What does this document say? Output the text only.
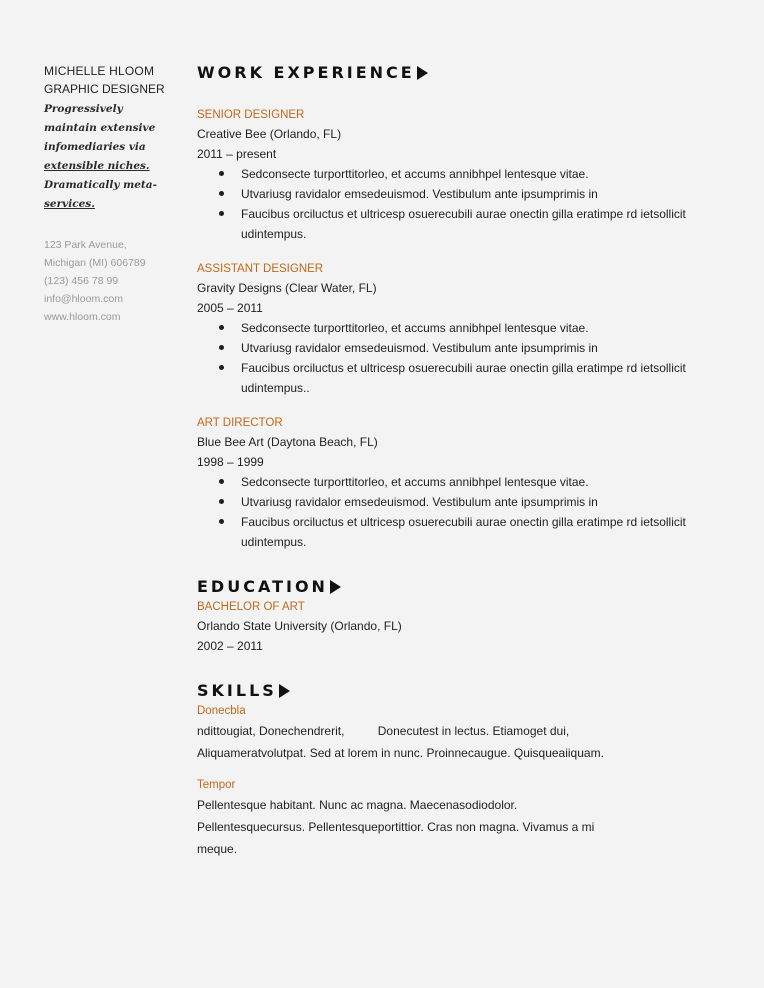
MICHELLE HLOOM
GRAPHIC DESIGNER
Progressively
maintain extensive
infomediaries via
extensible niches.
Dramatically meta-
services.
123 Park Avenue,
Michigan (MI) 606789
(123) 456 78 99
info@hloom.com
www.hloom.com
WORK EXPERIENCE
SENIOR DESIGNER
Creative Bee (Orlando, FL)
2011 – present
Sedconsecte turporttitorleo, et accums annibhpel lentesque vitae.
Utvariusg ravidalor emsedeuismod. Vestibulum ante ipsumprimis in
Faucibus orciluctus et ultricesp osuerecubili aurae onectin gilla eratimpe rd ietsollicit udintempus.
ASSISTANT DESIGNER
Gravity Designs (Clear Water, FL)
2005 – 2011
Sedconsecte turporttitorleo, et accums annibhpel lentesque vitae.
Utvariusg ravidalor emsedeuismod. Vestibulum ante ipsumprimis in
Faucibus orciluctus et ultricesp osuerecubili aurae onectin gilla eratimpe rd ietsollicit udintempus..
ART DIRECTOR
Blue Bee Art (Daytona Beach, FL)
1998 – 1999
Sedconsecte turporttitorleo, et accums annibhpel lentesque vitae.
Utvariusg ravidalor emsedeuismod. Vestibulum ante ipsumprimis in
Faucibus orciluctus et ultricesp osuerecubili aurae onectin gilla eratimpe rd ietsollicit udintempus.
EDUCATION
BACHELOR OF ART
Orlando State University (Orlando, FL)
2002 – 2011
SKILLS
Donecbla
ndittougiat, Donechendrerit,          Donecutest in lectus. Etiamoget dui,
Aliquameratvolutpat. Sed at lorem in nunc. Proinnecaugue. Quisqueaiiquam.
Tempor
Pellentesque habitant. Nunc ac magna. Maecenasodiodolor.
Pellentesquecursus. Pellentesqueportittior. Cras non magna. Vivamus a mi
meque.
